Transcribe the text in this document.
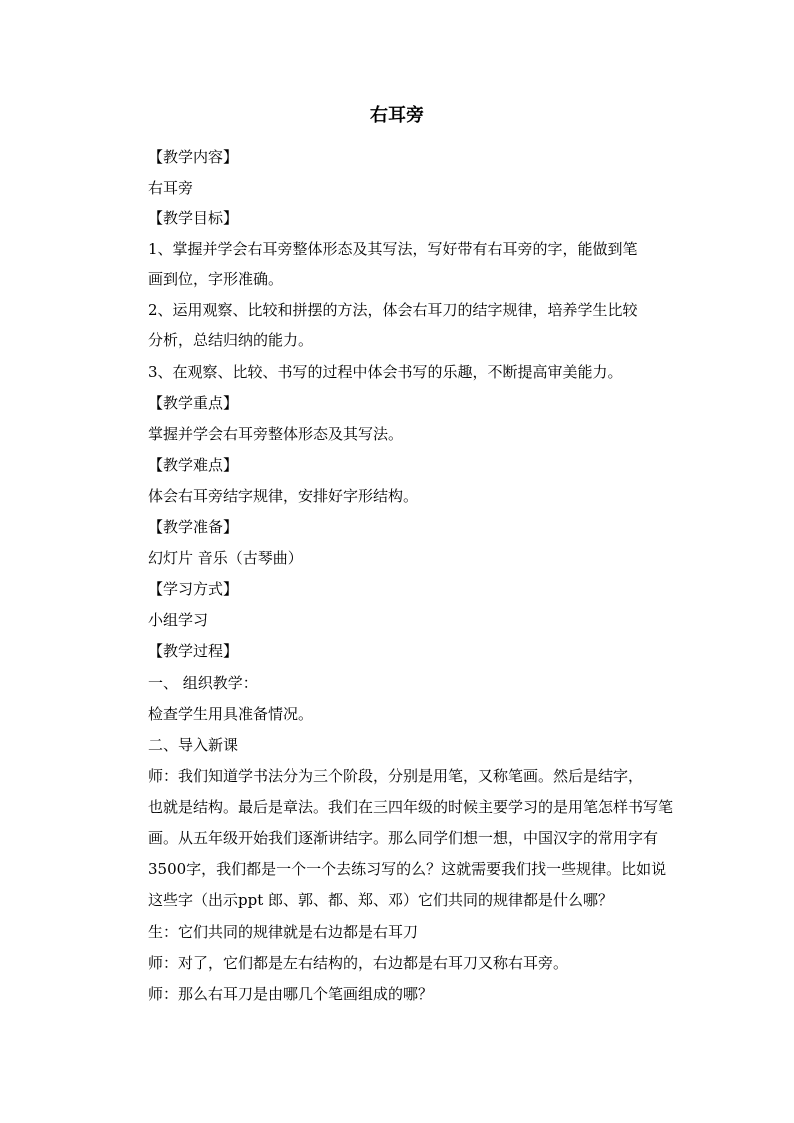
右耳旁
【教学内容】
右耳旁
【教学目标】
1、掌握并学会右耳旁整体形态及其写法，写好带有右耳旁的字，能做到笔
画到位，字形准确。
2、运用观察、比较和拼摆的方法，体会右耳刀的结字规律，培养学生比较
分析，总结归纳的能力。
3、在观察、比较、书写的过程中体会书写的乐趣，不断提高审美能力。
【教学重点】
掌握并学会右耳旁整体形态及其写法。
【教学难点】
体会右耳旁结字规律，安排好字形结构。
【教学准备】
幻灯片 音乐（古琴曲）
【学习方式】
小组学习
【教学过程】
一、 组织教学：
检查学生用具准备情况。
二、导入新课
师：我们知道学书法分为三个阶段，分别是用笔，又称笔画。然后是结字，
也就是结构。最后是章法。我们在三四年级的时候主要学习的是用笔怎样书写笔
画。从五年级开始我们逐渐讲结字。那么同学们想一想，中国汉字的常用字有
3500字，我们都是一个一个去练习写的么？这就需要我们找一些规律。比如说
这些字（出示ppt 郎、郭、都、郑、邓）它们共同的规律都是什么哪？
生：它们共同的规律就是右边都是右耳刀
师：对了，它们都是左右结构的，右边都是右耳刀又称右耳旁。
师：那么右耳刀是由哪几个笔画组成的哪？
